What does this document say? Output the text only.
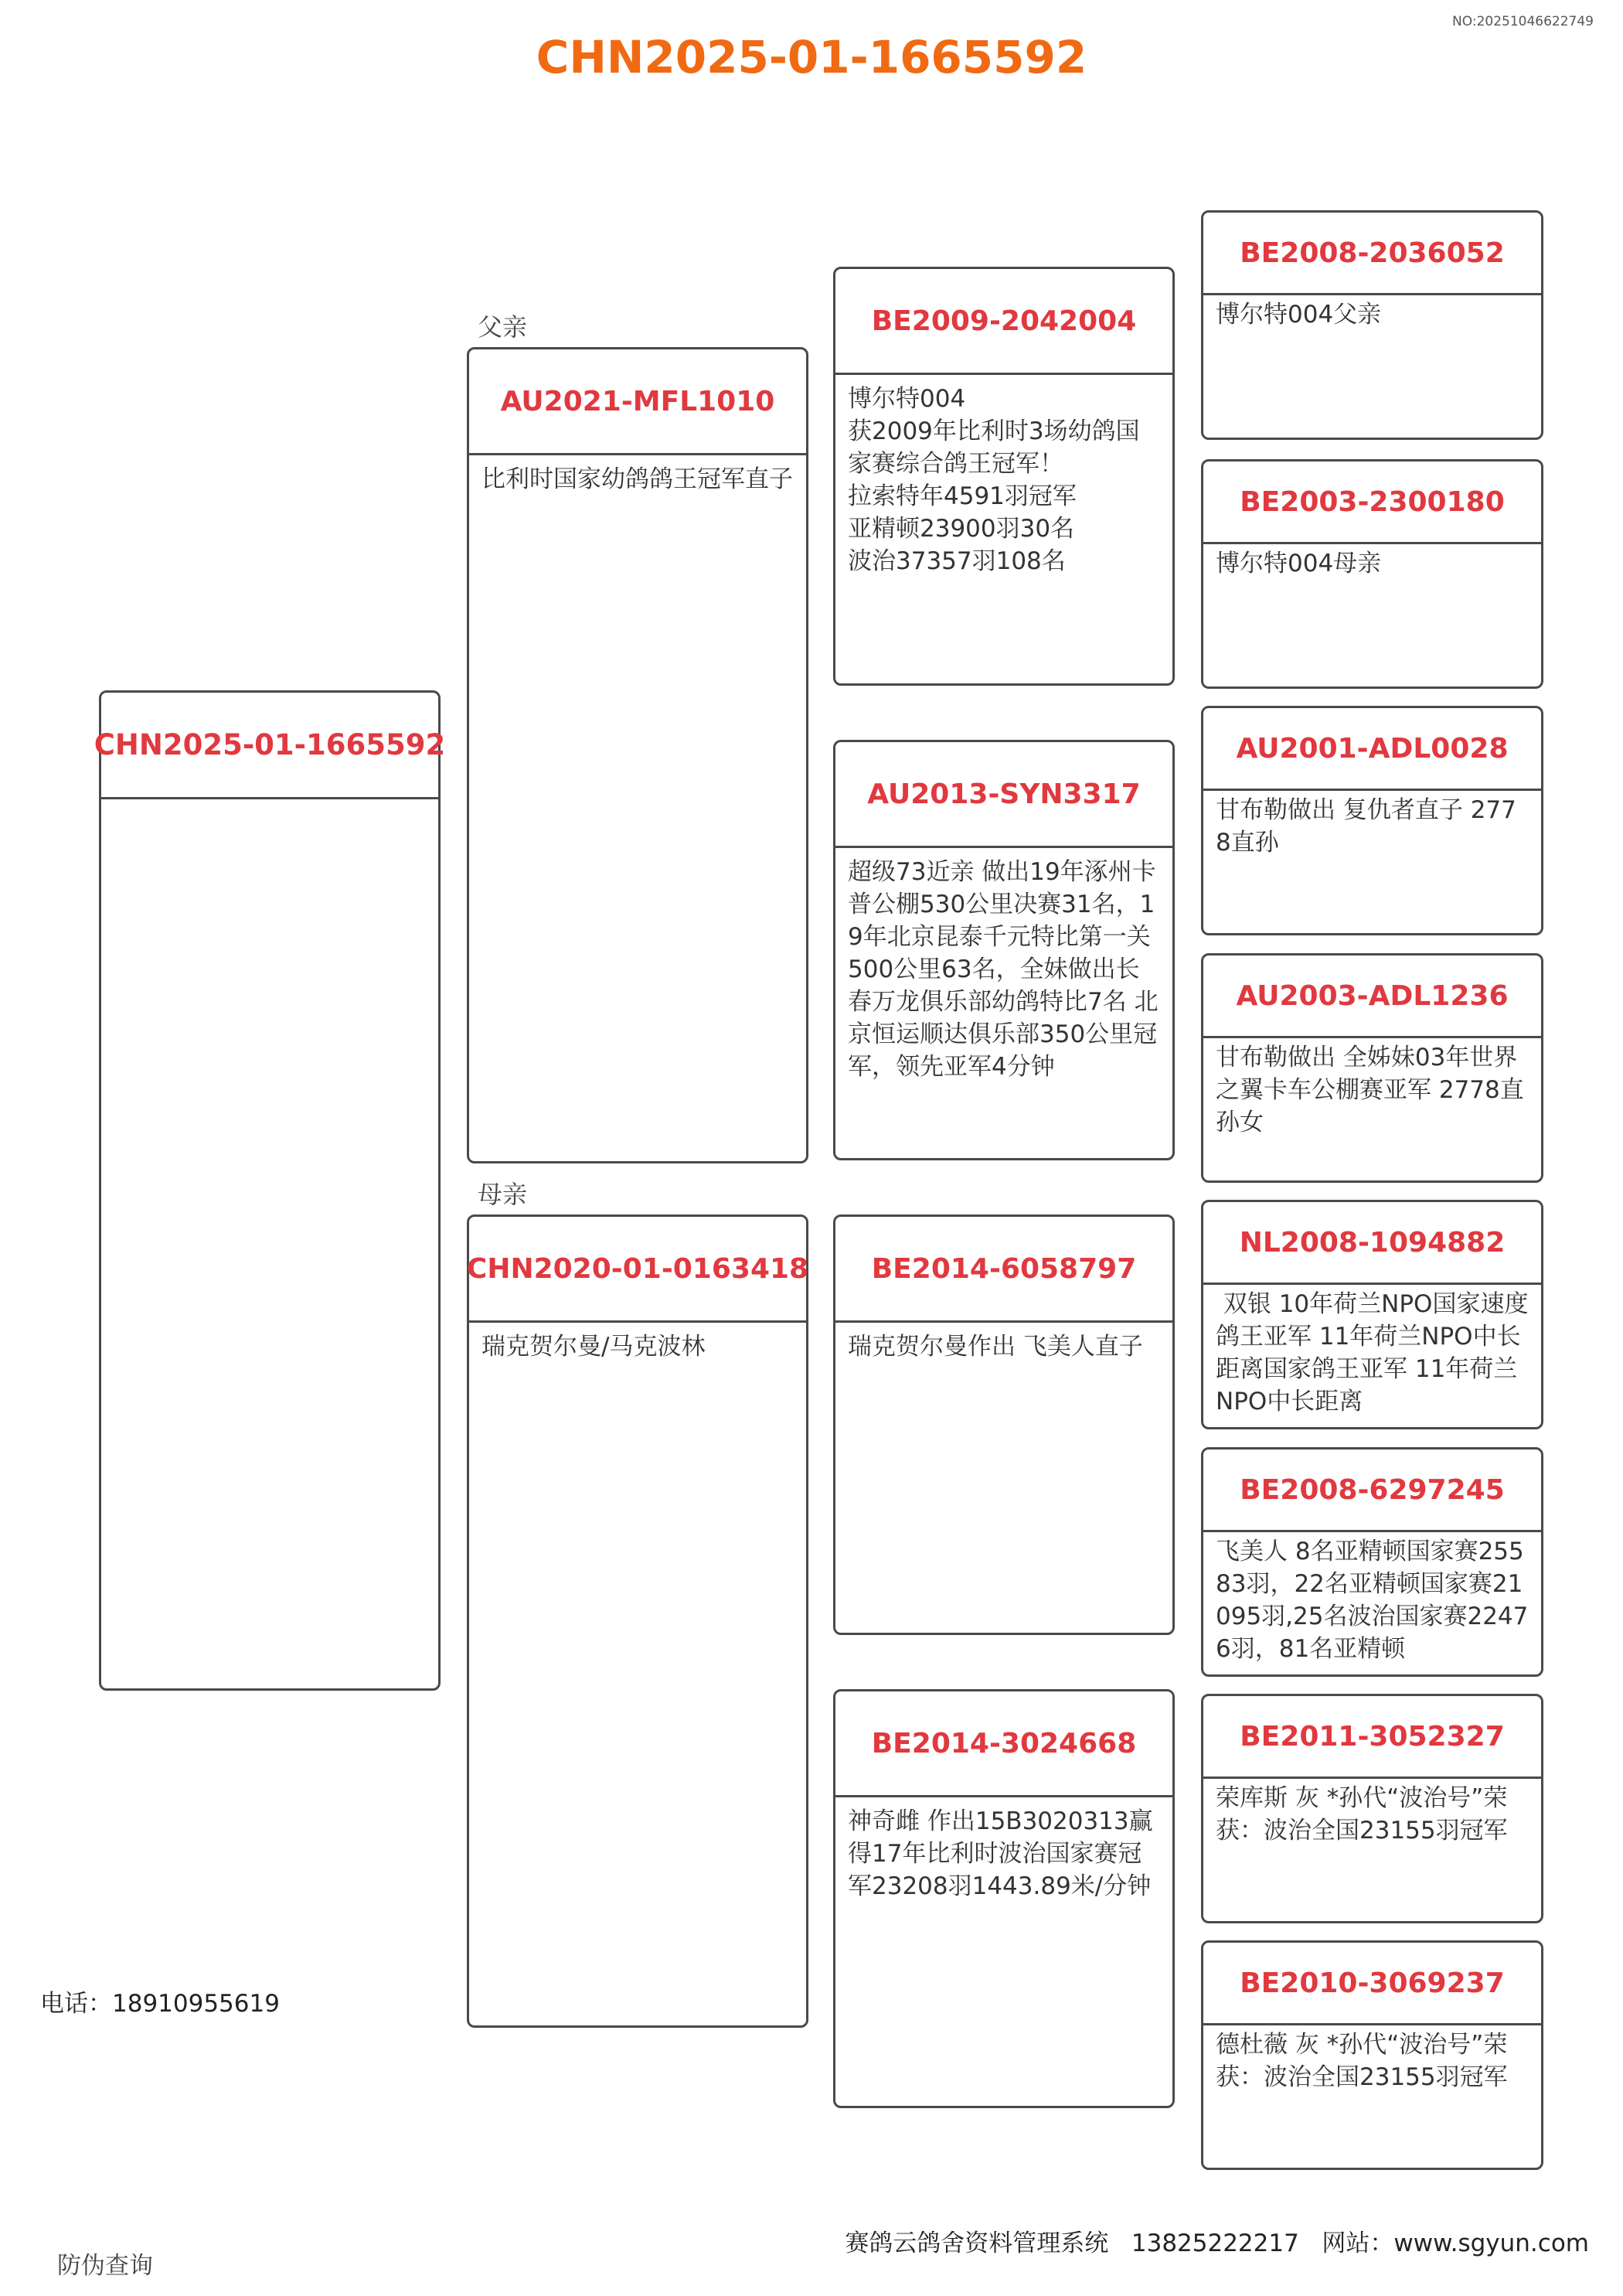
NO:20251046622749
CHN2025-01-1665592
CHN2025-01-1665592
父亲
AU2021-MFL1010
比利时国家幼鸽鸽王冠军直子
母亲
CHN2020-01-0163418
瑞克贺尔曼/马克波林
BE2009-2042004
博尔特004
获2009年比利时3场幼鸽国家赛综合鸽王冠军！
拉索特年4591羽冠军
亚精顿23900羽30名
波治37357羽108名
AU2013-SYN3317
超级73近亲 做出19年涿州卡普公棚530公里决赛31名，19年北京昆泰千元特比第一关500公里63名，全妹做出长春万龙俱乐部幼鸽特比7名 北京恒运顺达俱乐部350公里冠军，领先亚军4分钟
BE2014-6058797
瑞克贺尔曼作出 飞美人直子
BE2014-3024668
神奇雌 作出15B3020313赢得17年比利时波治国家赛冠军23208羽1443.89米/分钟
BE2008-2036052
博尔特004父亲
BE2003-2300180
博尔特004母亲
AU2001-ADL0028
甘布勒做出 复仇者直子 2778直孙
AU2003-ADL1236
甘布勒做出 全姊妹03年世界之翼卡车公棚赛亚军 2778直孙女
NL2008-1094882
双银 10年荷兰NPO国家速度鸽王亚军 11年荷兰NPO中长距离国家鸽王亚军 11年荷兰NPO中长距离
BE2008-6297245
飞美人 8名亚精顿国家赛25583羽，22名亚精顿国家赛21095羽,25名波治国家赛22476羽，81名亚精顿
BE2011-3052327
荣库斯 灰 *孙代“波治号”荣获：波治全国23155羽冠军
BE2010-3069237
德杜薇 灰 *孙代“波治号”荣获：波治全国23155羽冠军
电话：18910955619
防伪查询
赛鸽云鸽舍资料管理系统   13825222217   网站：www.sgyun.com
